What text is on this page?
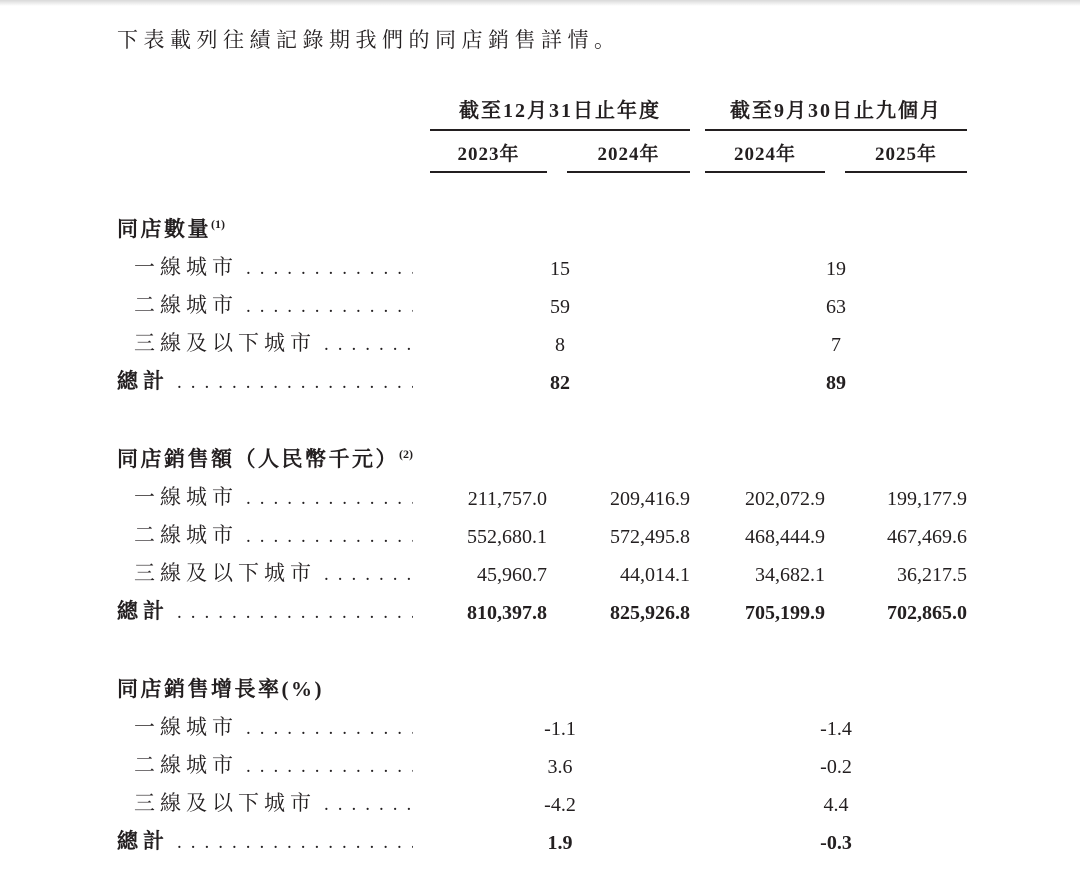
下表載列往績記錄期我們的同店銷售詳情。

截至12月31日止年度	截至9月30日止九個月
2023年	2024年	2024年	2025年
同店數量$^{(1)}$
一線城市 .....	15	19
二線城市 .....	59	63
三線及以下城市 .....	8	7
總計 .....	82	89
同店銷售額（人民幣千元）$^{(2)}$
一線城市 .....	211,757.0	209,416.9	202,072.9	199,177.9
二線城市 .....	552,680.1	572,495.8	468,444.9	467,469.6
三線及以下城市 .....	45,960.7	44,014.1	34,682.1	36,217.5
總計 .....	810,397.8	825,926.8	705,199.9	702,865.0
同店銷售增長率(%)
一線城市 .....	-1.1	-1.4
二線城市 .....	3.6	-0.2
三線及以下城市 .....	-4.2	4.4
總計 .....	1.9	-0.3
